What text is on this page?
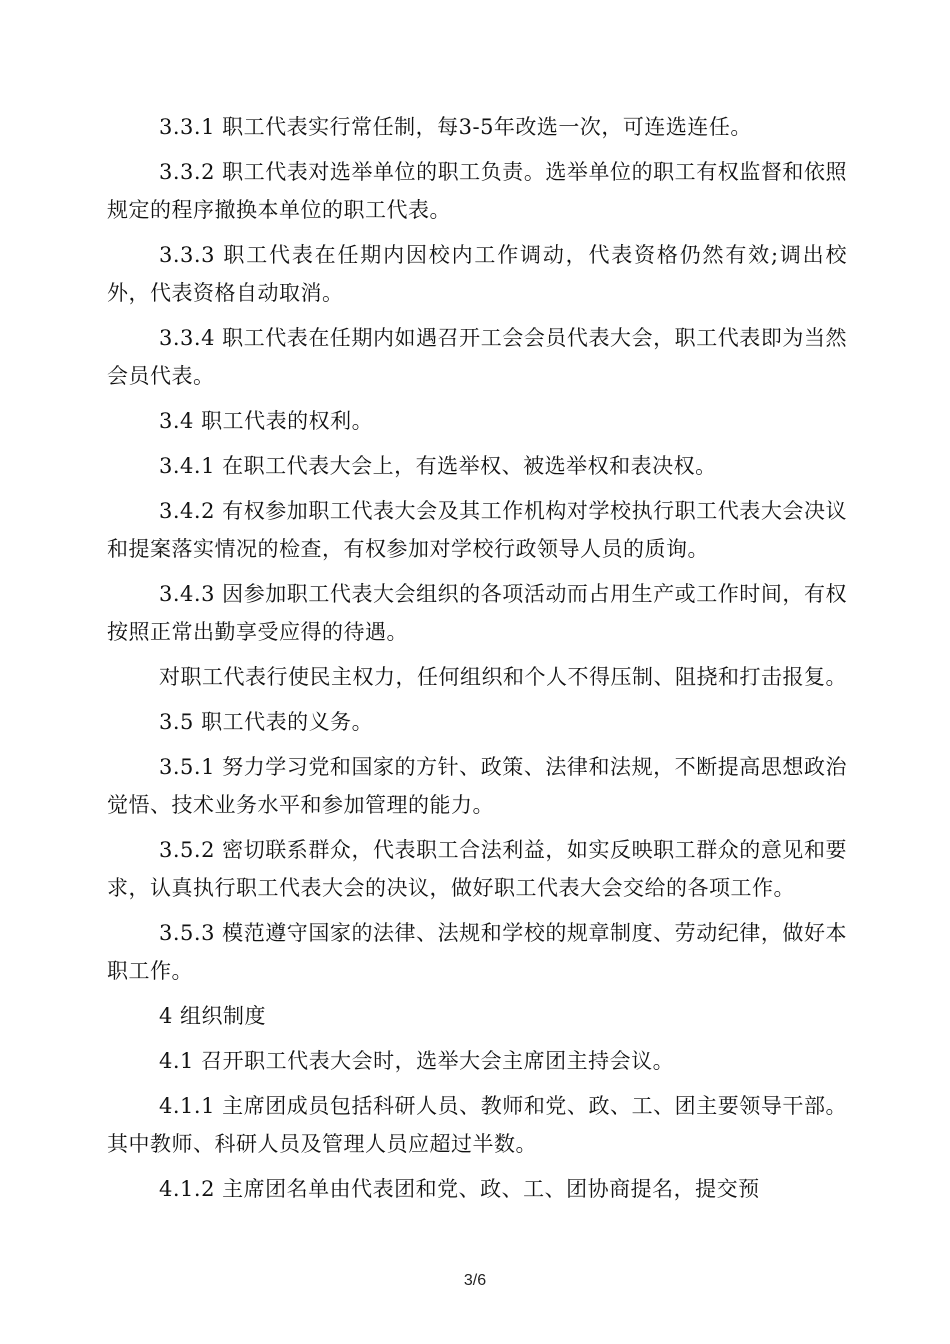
3.3.1 职工代表实行常任制，每3-5年改选一次，可连选连任。

3.3.2 职工代表对选举单位的职工负责。选举单位的职工有权监督和依照规定的程序撤换本单位的职工代表。

3.3.3 职工代表在任期内因校内工作调动，代表资格仍然有效;调出校外，代表资格自动取消。

3.3.4 职工代表在任期内如遇召开工会会员代表大会，职工代表即为当然会员代表。

3.4 职工代表的权利。

3.4.1 在职工代表大会上，有选举权、被选举权和表决权。

3.4.2 有权参加职工代表大会及其工作机构对学校执行职工代表大会决议和提案落实情况的检查，有权参加对学校行政领导人员的质询。

3.4.3 因参加职工代表大会组织的各项活动而占用生产或工作时间，有权按照正常出勤享受应得的待遇。

对职工代表行使民主权力，任何组织和个人不得压制、阻挠和打击报复。

3.5 职工代表的义务。

3.5.1 努力学习党和国家的方针、政策、法律和法规，不断提高思想政治觉悟、技术业务水平和参加管理的能力。

3.5.2 密切联系群众，代表职工合法利益，如实反映职工群众的意见和要求，认真执行职工代表大会的决议，做好职工代表大会交给的各项工作。

3.5.3 模范遵守国家的法律、法规和学校的规章制度、劳动纪律，做好本职工作。

4 组织制度

4.1 召开职工代表大会时，选举大会主席团主持会议。

4.1.1 主席团成员包括科研人员、教师和党、政、工、团主要领导干部。其中教师、科研人员及管理人员应超过半数。

4.1.2 主席团名单由代表团和党、政、工、团协商提名，提交预

3/6
